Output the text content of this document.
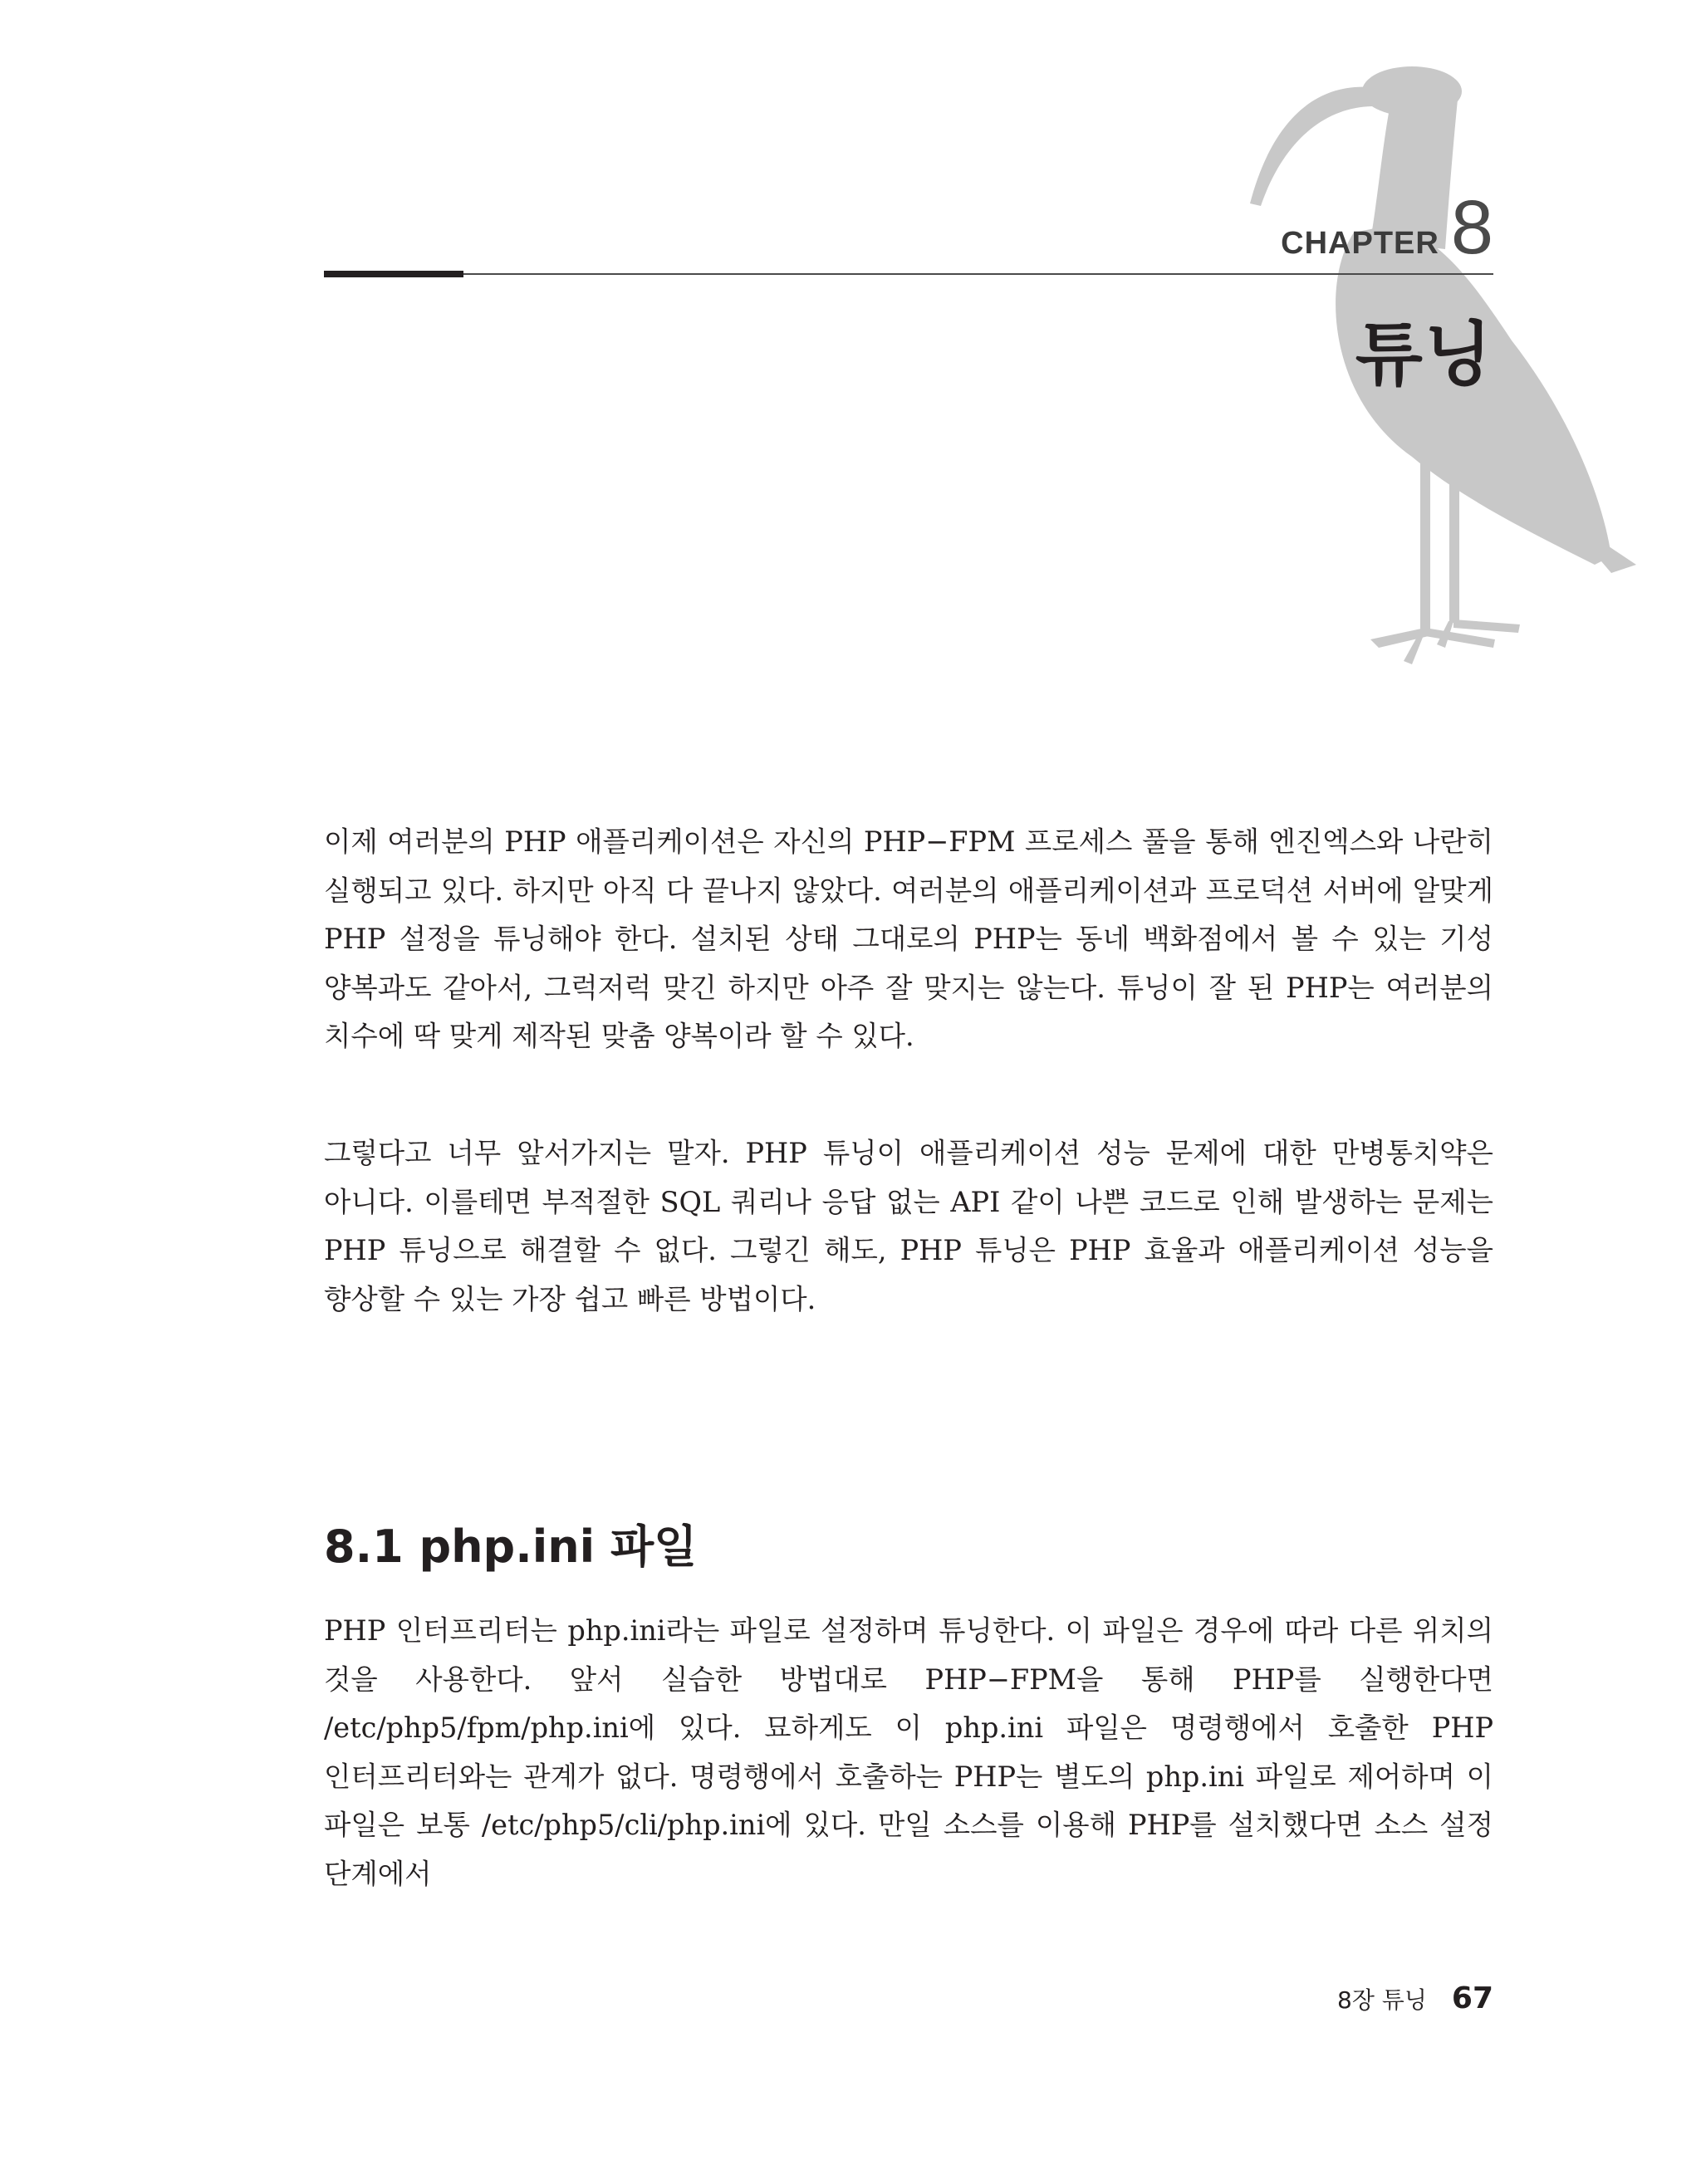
CHAPTER 8
튜닝

이제 여러분의 PHP 애플리케이션은 자신의 PHP−FPM 프로세스 풀을 통해 엔진엑스와 나란히 실행되고 있다. 하지만 아직 다 끝나지 않았다. 여러분의 애플리케이션과 프로덕션 서버에 알맞게 PHP 설정을 튜닝해야 한다. 설치된 상태 그대로의 PHP는 동네 백화점에서 볼 수 있는 기성 양복과도 같아서, 그럭저럭 맞긴 하지만 아주 잘 맞지는 않는다. 튜닝이 잘 된 PHP는 여러분의 치수에 딱 맞게 제작된 맞춤 양복이라 할 수 있다.

그렇다고 너무 앞서가지는 말자. PHP 튜닝이 애플리케이션 성능 문제에 대한 만병통치약은 아니다. 이를테면 부적절한 SQL 쿼리나 응답 없는 API 같이 나쁜 코드로 인해 발생하는 문제는 PHP 튜닝으로 해결할 수 없다. 그렇긴 해도, PHP 튜닝은 PHP 효율과 애플리케이션 성능을 향상할 수 있는 가장 쉽고 빠른 방법이다.

8.1 php.ini 파일

PHP 인터프리터는 php.ini라는 파일로 설정하며 튜닝한다. 이 파일은 경우에 따라 다른 위치의 것을 사용한다. 앞서 실습한 방법대로 PHP−FPM을 통해 PHP를 실행한다면 /etc/php5/fpm/php.ini에 있다. 묘하게도 이 php.ini 파일은 명령행에서 호출한 PHP 인터프리터와는 관계가 없다. 명령행에서 호출하는 PHP는 별도의 php.ini 파일로 제어하며 이 파일은 보통 /etc/php5/cli/php.ini에 있다. 만일 소스를 이용해 PHP를 설치했다면 소스 설정 단계에서

8장 튜닝 67
